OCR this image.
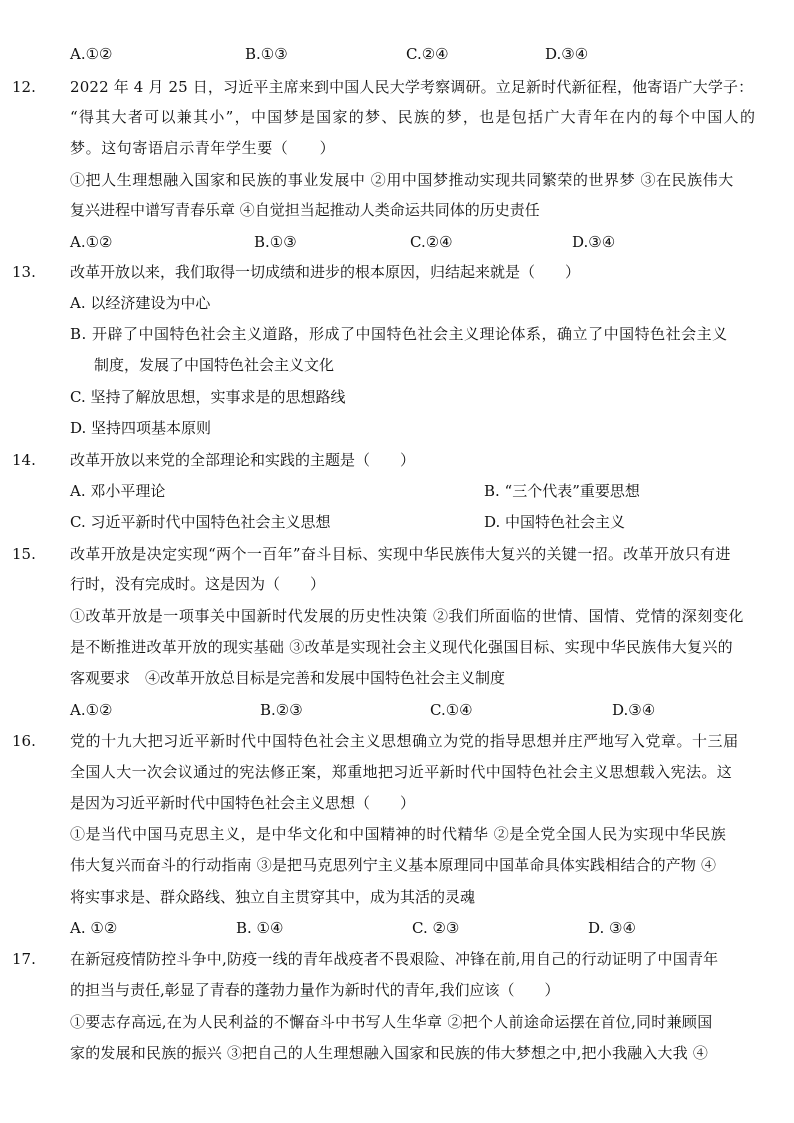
A.①②	B.①③	C.②④	D.③④
12. 2022 年 4 月 25 日，习近平主席来到中国人民大学考察调研。立足新时代新征程，他寄语广大学子：
“得其大者可以兼其小”，中国梦是国家的梦、民族的梦，也是包括广大青年在内的每个中国人的
梦。这句寄语启示青年学生要（　　）
①把人生理想融入国家和民族的事业发展中 ②用中国梦推动实现共同繁荣的世界梦 ③在民族伟大
复兴进程中谱写青春乐章 ④自觉担当起推动人类命运共同体的历史责任
A.①②	B.①③	C.②④	D.③④
13. 改革开放以来，我们取得一切成绩和进步的根本原因，归结起来就是（　　）
A. 以经济建设为中心
B. 开辟了中国特色社会主义道路，形成了中国特色社会主义理论体系，确立了中国特色社会主义
制度，发展了中国特色社会主义文化
C. 坚持了解放思想，实事求是的思想路线
D. 坚持四项基本原则
14. 改革开放以来党的全部理论和实践的主题是（　　）
A. 邓小平理论	B. “三个代表”重要思想
C. 习近平新时代中国特色社会主义思想	D. 中国特色社会主义
15. 改革开放是决定实现“两个一百年”奋斗目标、实现中华民族伟大复兴的关键一招。改革开放只有进
行时，没有完成时。这是因为（　　）
①改革开放是一项事关中国新时代发展的历史性决策 ②我们所面临的世情、国情、党情的深刻变化
是不断推进改革开放的现实基础 ③改革是实现社会主义现代化强国目标、实现中华民族伟大复兴的
客观要求　④改革开放总目标是完善和发展中国特色社会主义制度
A.①②	B.②③	C.①④	D.③④
16. 党的十九大把习近平新时代中国特色社会主义思想确立为党的指导思想并庄严地写入党章。十三届
全国人大一次会议通过的宪法修正案，郑重地把习近平新时代中国特色社会主义思想载入宪法。这
是因为习近平新时代中国特色社会主义思想（　　）
①是当代中国马克思主义，是中华文化和中国精神的时代精华 ②是全党全国人民为实现中华民族
伟大复兴而奋斗的行动指南 ③是把马克思列宁主义基本原理同中国革命具体实践相结合的产物 ④
将实事求是、群众路线、独立自主贯穿其中，成为其活的灵魂
A. ①②	B. ①④	C. ②③	D. ③④
17. 在新冠疫情防控斗争中,防疫一线的青年战疫者不畏艰险、冲锋在前,用自己的行动证明了中国青年
的担当与责任,彰显了青春的蓬勃力量作为新时代的青年,我们应该（　　）
①要志存高远,在为人民利益的不懈奋斗中书写人生华章 ②把个人前途命运摆在首位,同时兼顾国
家的发展和民族的振兴 ③把自己的人生理想融入国家和民族的伟大梦想之中,把小我融入大我 ④
